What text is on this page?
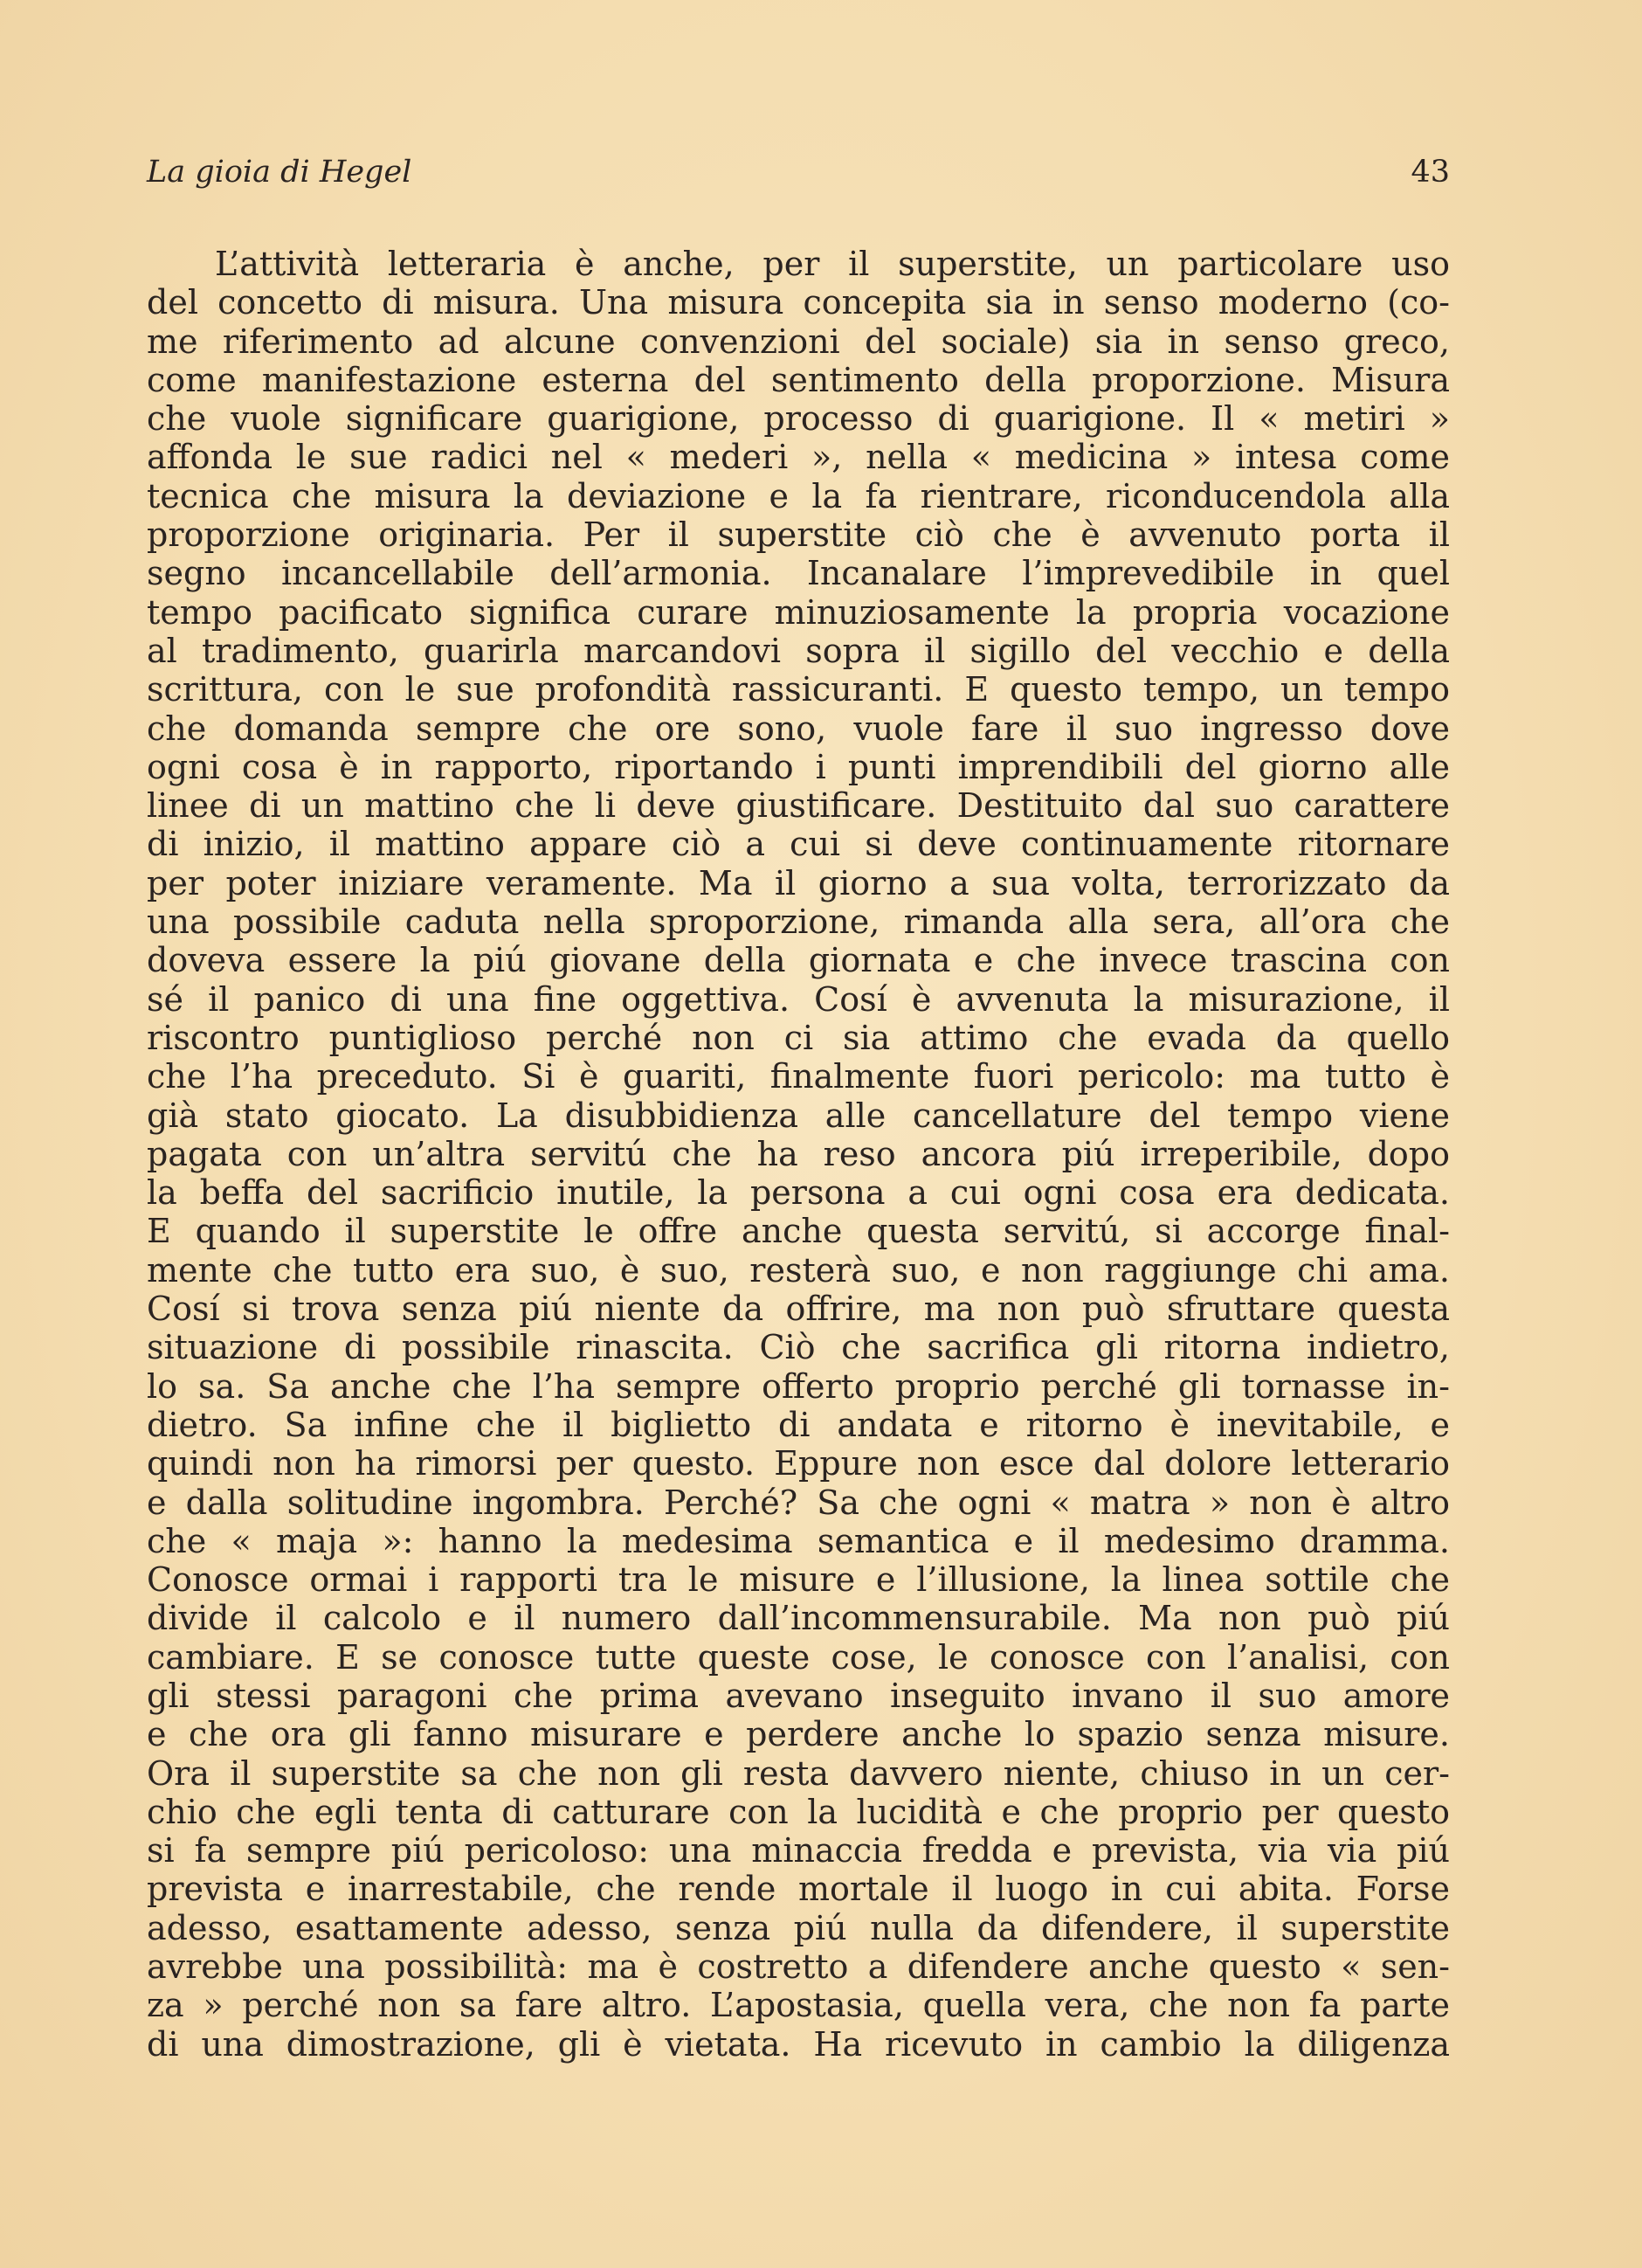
La gioia di Hegel	43
L’attività letteraria è anche, per il superstite, un particolare uso
del concetto di misura. Una misura concepita sia in senso moderno (co-
me riferimento ad alcune convenzioni del sociale) sia in senso greco,
come manifestazione esterna del sentimento della proporzione. Misura
che vuole significare guarigione, processo di guarigione. Il « metiri »
affonda le sue radici nel « mederi », nella « medicina » intesa come
tecnica che misura la deviazione e la fa rientrare, riconducendola alla
proporzione originaria. Per il superstite ciò che è avvenuto porta il
segno incancellabile dell’armonia. Incanalare l’imprevedibile in quel
tempo pacificato significa curare minuziosamente la propria vocazione
al tradimento, guarirla marcandovi sopra il sigillo del vecchio e della
scrittura, con le sue profondità rassicuranti. E questo tempo, un tempo
che domanda sempre che ore sono, vuole fare il suo ingresso dove
ogni cosa è in rapporto, riportando i punti imprendibili del giorno alle
linee di un mattino che li deve giustificare. Destituito dal suo carattere
di inizio, il mattino appare ciò a cui si deve continuamente ritornare
per poter iniziare veramente. Ma il giorno a sua volta, terrorizzato da
una possibile caduta nella sproporzione, rimanda alla sera, all’ora che
doveva essere la piú giovane della giornata e che invece trascina con
sé il panico di una fine oggettiva. Cosí è avvenuta la misurazione, il
riscontro puntiglioso perché non ci sia attimo che evada da quello
che l’ha preceduto. Si è guariti, finalmente fuori pericolo: ma tutto è
già stato giocato. La disubbidienza alle cancellature del tempo viene
pagata con un’altra servitú che ha reso ancora piú irreperibile, dopo
la beffa del sacrificio inutile, la persona a cui ogni cosa era dedicata.
E quando il superstite le offre anche questa servitú, si accorge final-
mente che tutto era suo, è suo, resterà suo, e non raggiunge chi ama.
Cosí si trova senza piú niente da offrire, ma non può sfruttare questa
situazione di possibile rinascita. Ciò che sacrifica gli ritorna indietro,
lo sa. Sa anche che l’ha sempre offerto proprio perché gli tornasse in-
dietro. Sa infine che il biglietto di andata e ritorno è inevitabile, e
quindi non ha rimorsi per questo. Eppure non esce dal dolore letterario
e dalla solitudine ingombra. Perché? Sa che ogni « matra » non è altro
che « maja »: hanno la medesima semantica e il medesimo dramma.
Conosce ormai i rapporti tra le misure e l’illusione, la linea sottile che
divide il calcolo e il numero dall’incommensurabile. Ma non può piú
cambiare. E se conosce tutte queste cose, le conosce con l’analisi, con
gli stessi paragoni che prima avevano inseguito invano il suo amore
e che ora gli fanno misurare e perdere anche lo spazio senza misure.
Ora il superstite sa che non gli resta davvero niente, chiuso in un cer-
chio che egli tenta di catturare con la lucidità e che proprio per questo
si fa sempre piú pericoloso: una minaccia fredda e prevista, via via piú
prevista e inarrestabile, che rende mortale il luogo in cui abita. Forse
adesso, esattamente adesso, senza piú nulla da difendere, il superstite
avrebbe una possibilità: ma è costretto a difendere anche questo « sen-
za » perché non sa fare altro. L’apostasia, quella vera, che non fa parte
di una dimostrazione, gli è vietata. Ha ricevuto in cambio la diligenza
